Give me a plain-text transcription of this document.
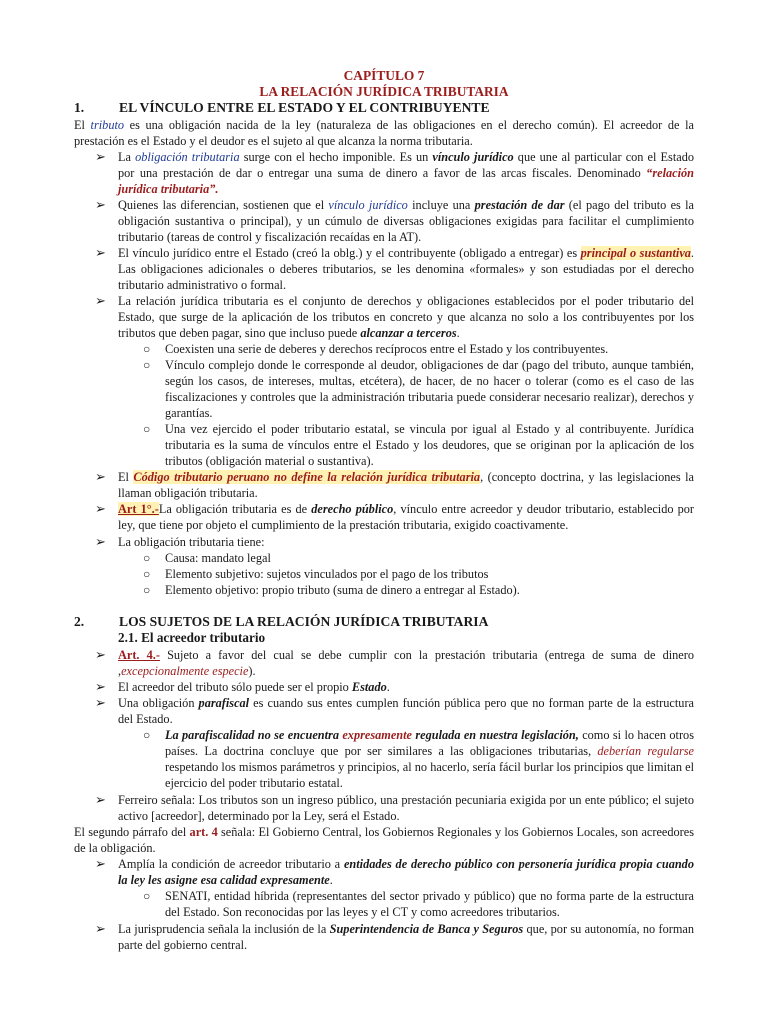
CAPÍTULO 7
LA RELACIÓN JURÍDICA TRIBUTARIA
1.	EL VÍNCULO ENTRE EL ESTADO Y EL CONTRIBUYENTE
El tributo es una obligación nacida de la ley (naturaleza de las obligaciones en el derecho común). El acreedor de la prestación es el Estado y el deudor es el sujeto al que alcanza la norma tributaria.
➢ La obligación tributaria surge con el hecho imponible. Es un vínculo jurídico que une al particular con el Estado por una prestación de dar o entregar una suma de dinero a favor de las arcas fiscales. Denominado “relación jurídica tributaria”.
➢ Quienes las diferencian, sostienen que el vínculo jurídico incluye una prestación de dar (el pago del tributo es la obligación sustantiva o principal), y un cúmulo de diversas obligaciones exigidas para facilitar el cumplimiento tributario (tareas de control y fiscalización recaídas en la AT).
➢ El vínculo jurídico entre el Estado (creó la oblg.) y el contribuyente (obligado a entregar) es principal o sustantiva. Las obligaciones adicionales o deberes tributarios, se les denomina «formales» y son estudiadas por el derecho tributario administrativo o formal.
➢ La relación jurídica tributaria es el conjunto de derechos y obligaciones establecidos por el poder tributario del Estado, que surge de la aplicación de los tributos en concreto y que alcanza no solo a los contribuyentes por los tributos que deben pagar, sino que incluso puede alcanzar a terceros.
○ Coexisten una serie de deberes y derechos recíprocos entre el Estado y los contribuyentes.
○ Vínculo complejo donde le corresponde al deudor, obligaciones de dar (pago del tributo, aunque también, según los casos, de intereses, multas, etcétera), de hacer, de no hacer o tolerar (como es el caso de las fiscalizaciones y controles que la administración tributaria puede considerar necesario realizar), derechos y garantías.
○ Una vez ejercido el poder tributario estatal, se vincula por igual al Estado y al contribuyente. Jurídica tributaria es la suma de vínculos entre el Estado y los deudores, que se originan por la aplicación de los tributos (obligación material o sustantiva).
➢ El Código tributario peruano no define la relación jurídica tributaria, (concepto doctrina, y las legislaciones la llaman obligación tributaria.
➢ Art 1°.-La obligación tributaria es de derecho público, vínculo entre acreedor y deudor tributario, establecido por ley, que tiene por objeto el cumplimiento de la prestación tributaria, exigido coactivamente.
➢ La obligación tributaria tiene:
○ Causa: mandato legal
○ Elemento subjetivo: sujetos vinculados por el pago de los tributos
○ Elemento objetivo: propio tributo (suma de dinero a entregar al Estado).
2.	LOS SUJETOS DE LA RELACIÓN JURÍDICA TRIBUTARIA
2.1. El acreedor tributario
➢ Art. 4.- Sujeto a favor del cual se debe cumplir con la prestación tributaria (entrega de suma de dinero ,excepcionalmente especie).
➢ El acreedor del tributo sólo puede ser el propio Estado.
➢ Una obligación parafiscal es cuando sus entes cumplen función pública pero que no forman parte de la estructura del Estado.
○ La parafiscalidad no se encuentra expresamente regulada en nuestra legislación, como si lo hacen otros países. La doctrina concluye que por ser similares a las obligaciones tributarias, deberían regularse respetando los mismos parámetros y principios, al no hacerlo, sería fácil burlar los principios que limitan el ejercicio del poder tributario estatal.
➢ Ferreiro señala: Los tributos son un ingreso público, una prestación pecuniaria exigida por un ente público; el sujeto activo [acreedor], determinado por la Ley, será el Estado.
El segundo párrafo del art. 4 señala: El Gobierno Central, los Gobiernos Regionales y los Gobiernos Locales, son acreedores de la obligación.
➢ Amplía la condición de acreedor tributario a entidades de derecho público con personería jurídica propia cuando la ley les asigne esa calidad expresamente.
○ SENATI, entidad híbrida (representantes del sector privado y público) que no forma parte de la estructura del Estado. Son reconocidas por las leyes y el CT y como acreedores tributarios.
➢ La jurisprudencia señala la inclusión de la Superintendencia de Banca y Seguros que, por su autonomía, no forman parte del gobierno central.
